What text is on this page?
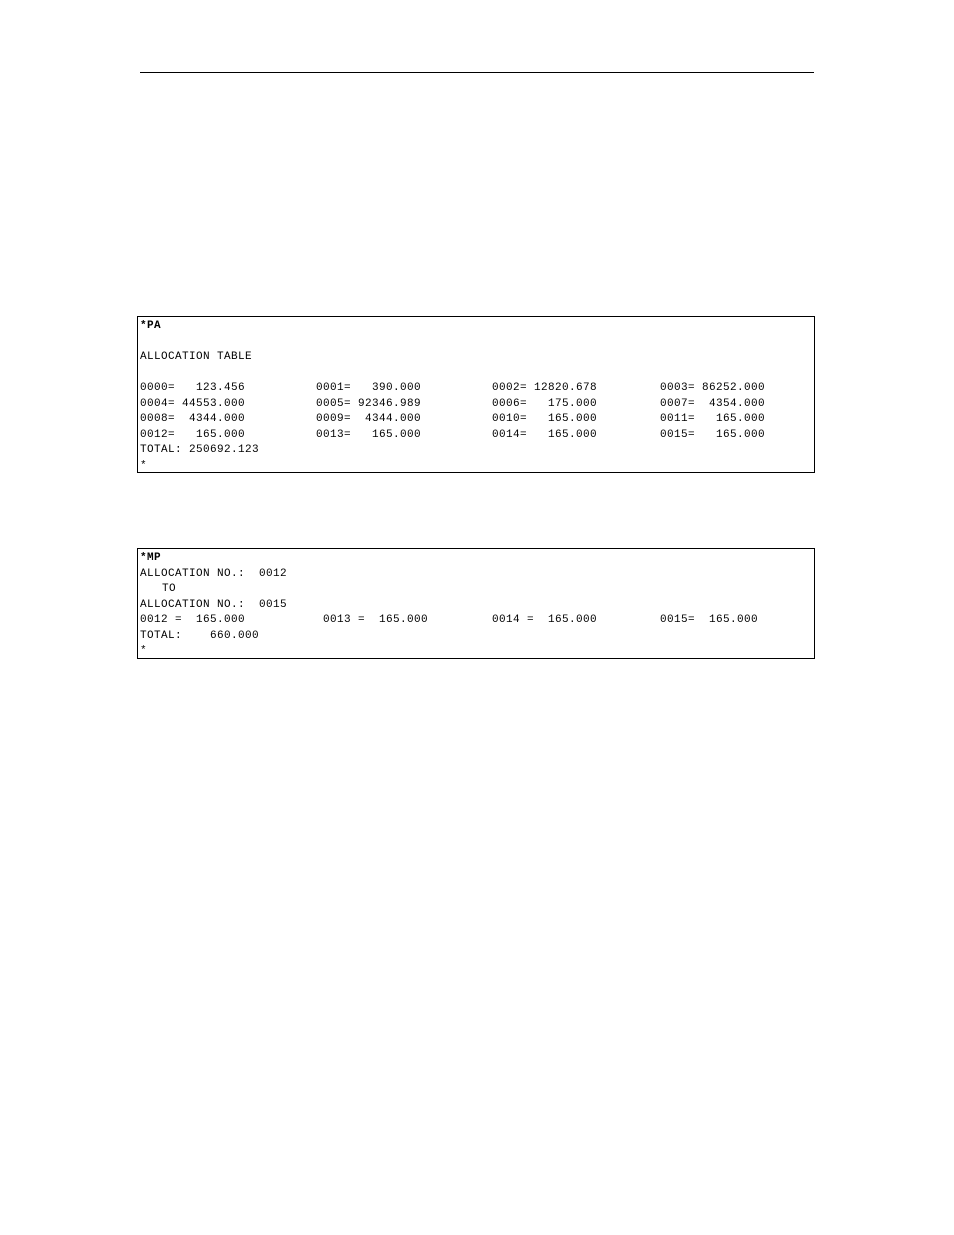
*PA
ALLOCATION TABLE

0000=   123.456

	0001=   390.000

	0002= 12820.678

	0003= 86252.000

0004= 44553.000

	0005= 92346.989

	0006=   175.000

	0007=  4354.000

0008=  4344.000

	0009=  4344.000

	0010=   165.000

	0011=   165.000

0012=   165.000

	0013=   165.000

	0014=   165.000

	0015=   165.000

TOTAL: 250692.123
*
*MP
ALLOCATION NO.:  0012
TO
ALLOCATION NO.:  0015

0012 =  165.000

	0013 =  165.000

	0014 =  165.000

	0015=  165.000

TOTAL:    660.000
*
